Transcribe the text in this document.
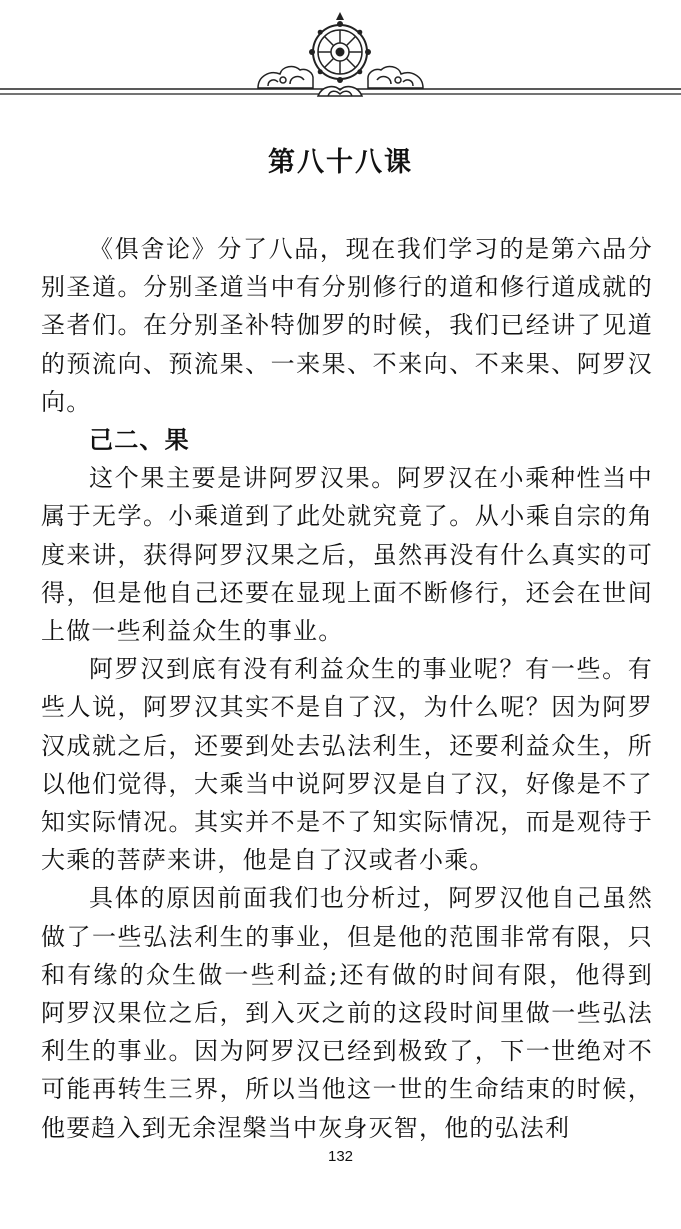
第八十八课

《俱舍论》分了八品，现在我们学习的是第六品分别圣道。分别圣道当中有分别修行的道和修行道成就的圣者们。在分别圣补特伽罗的时候，我们已经讲了见道的预流向、预流果、一来果、不来向、不来果、阿罗汉向。

己二、果

这个果主要是讲阿罗汉果。阿罗汉在小乘种性当中属于无学。小乘道到了此处就究竟了。从小乘自宗的角度来讲，获得阿罗汉果之后，虽然再没有什么真实的可得，但是他自己还要在显现上面不断修行，还会在世间上做一些利益众生的事业。

阿罗汉到底有没有利益众生的事业呢？有一些。有些人说，阿罗汉其实不是自了汉，为什么呢？因为阿罗汉成就之后，还要到处去弘法利生，还要利益众生，所以他们觉得，大乘当中说阿罗汉是自了汉，好像是不了知实际情况。其实并不是不了知实际情况，而是观待于大乘的菩萨来讲，他是自了汉或者小乘。

具体的原因前面我们也分析过，阿罗汉他自己虽然做了一些弘法利生的事业，但是他的范围非常有限，只和有缘的众生做一些利益;还有做的时间有限，他得到阿罗汉果位之后，到入灭之前的这段时间里做一些弘法利生的事业。因为阿罗汉已经到极致了，下一世绝对不可能再转生三界，所以当他这一世的生命结束的时候，他要趋入到无余涅槃当中灰身灭智，他的弘法利

132
